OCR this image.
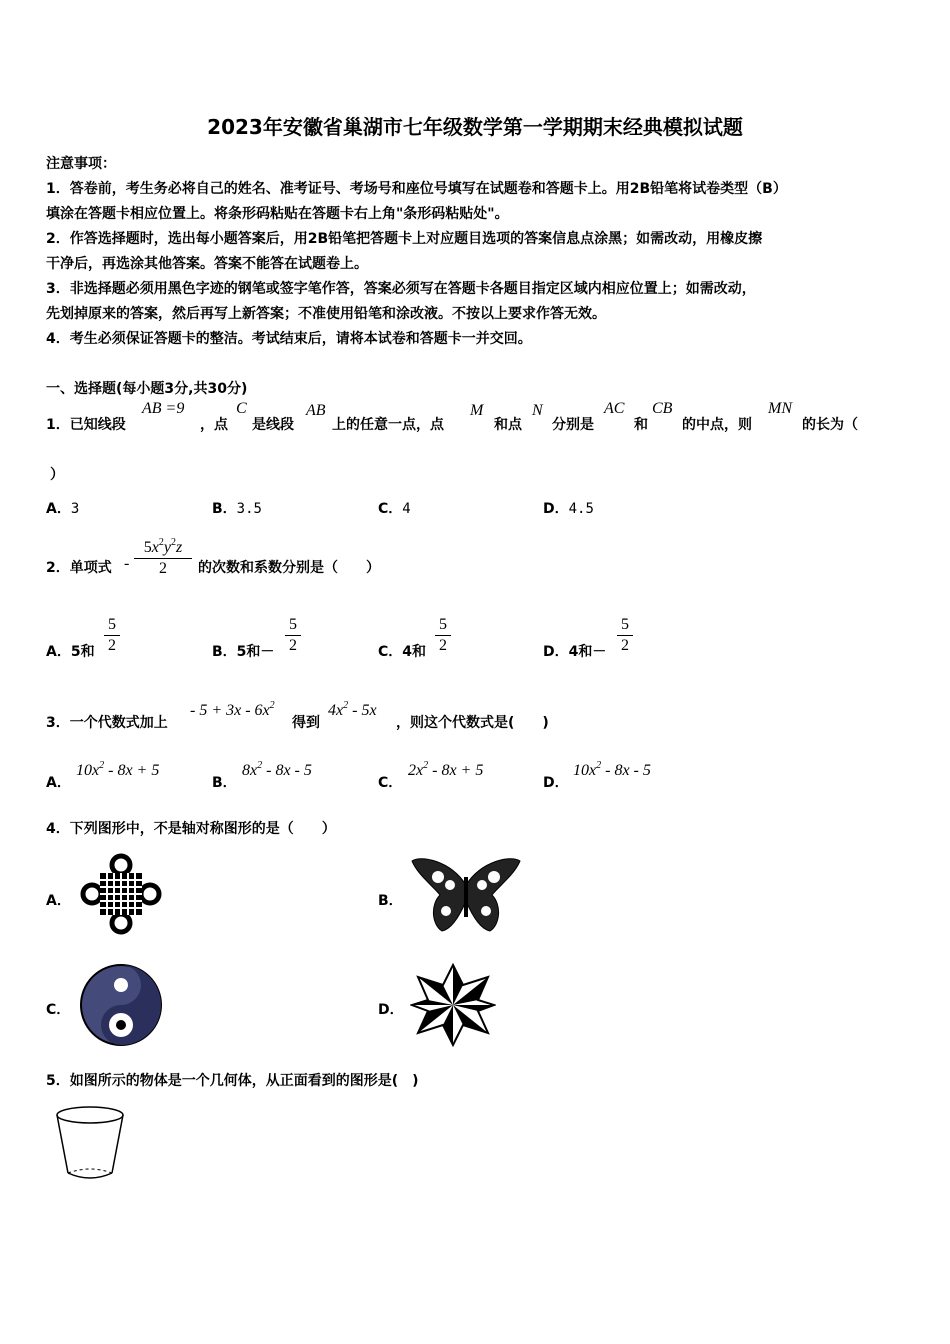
2023年安徽省巢湖市七年级数学第一学期期末经典模拟试题
注意事项：
1．答卷前，考生务必将自己的姓名、准考证号、考场号和座位号填写在试题卷和答题卡上。用2B铅笔将试卷类型（B）
填涂在答题卡相应位置上。将条形码粘贴在答题卡右上角"条形码粘贴处"。
2．作答选择题时，选出每小题答案后，用2B铅笔把答题卡上对应题目选项的答案信息点涂黑；如需改动，用橡皮擦
干净后，再选涂其他答案。答案不能答在试题卷上。
3．非选择题必须用黑色字迹的钢笔或签字笔作答，答案必须写在答题卡各题目指定区域内相应位置上；如需改动，
先划掉原来的答案，然后再写上新答案；不准使用铅笔和涂改液。不按以上要求作答无效。
4．考生必须保证答题卡的整洁。考试结束后，请将本试卷和答题卡一并交回。
一、选择题(每小题3分,共30分)
1．已知线段
AB =9
，点
C
是线段
AB
上的任意一点，点
M
和点
N
分别是
AC
和
CB
的中点，则
MN
的长为（
）
A．3	B．3.5	C．4	D．4.5
2．单项式 -
$5x^2y^2z$
2	的次数和系数分别是（　　）
A．5和
5
2	B．5和－
5
2	C．4和
5
2	D．4和－
5
2
3．一个代数式加上
- $5 + 3x - 6x^2$
得到
$4x^2 - 5x$
，则这个代数式是(　　)
A．
$10x^2 - 8x + 5$
B．
$8x^2 - 8x - 5$
C．
$2x^2 - 8x + 5$
D．
$10x^2 - 8x - 5$
4．下列图形中，不是轴对称图形的是（　　）
A．	B．
C．	D．
5．如图所示的物体是一个几何体，从正面看到的图形是(　)
